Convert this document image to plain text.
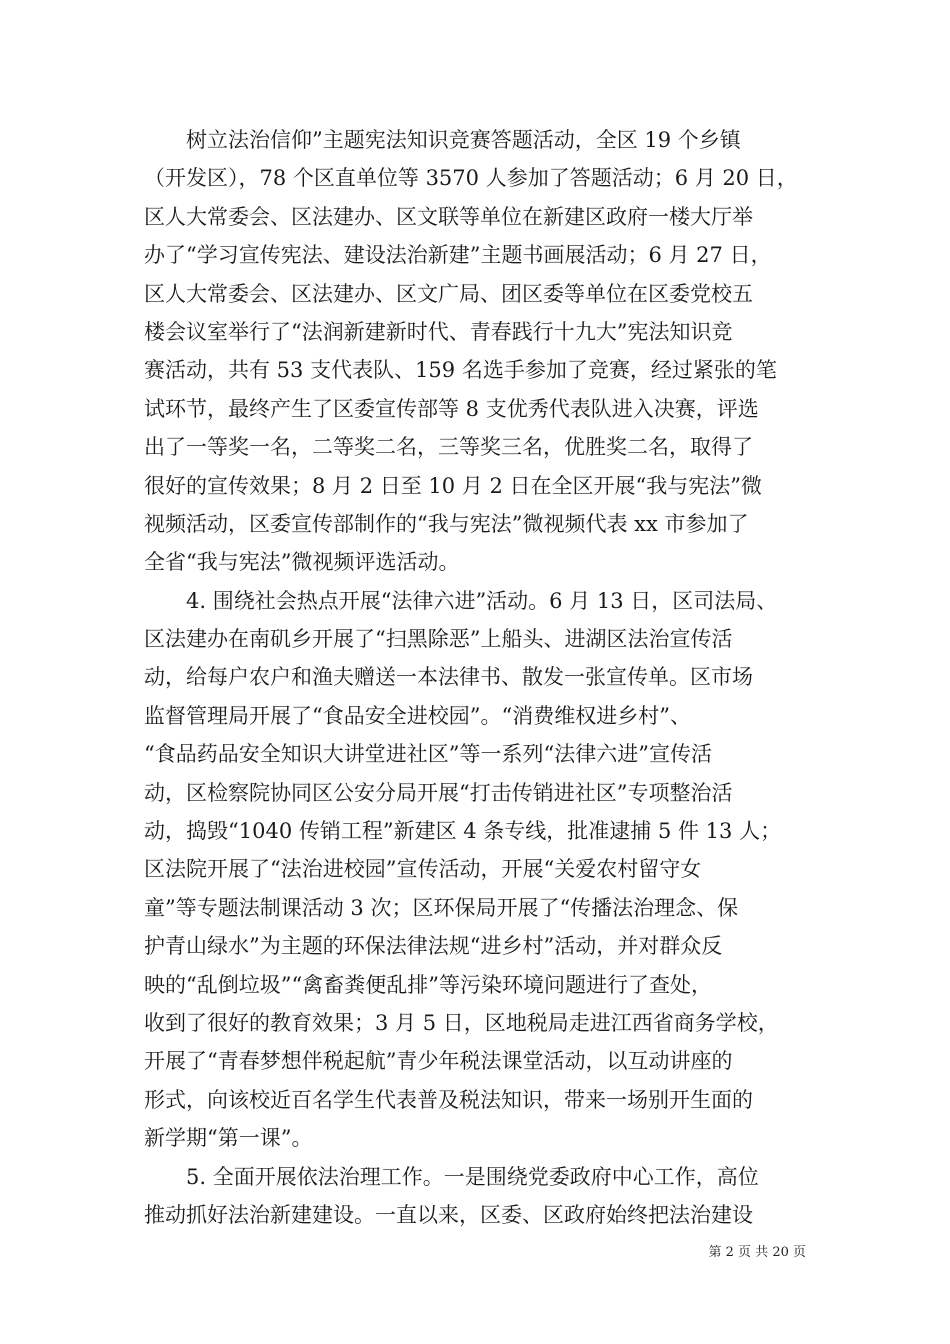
树立法治信仰”主题宪法知识竞赛答题活动，全区 19 个乡镇
（开发区），78 个区直单位等 3570 人参加了答题活动；6 月 20 日，
区人大常委会、区法建办、区文联等单位在新建区政府一楼大厅举
办了“学习宣传宪法、建设法治新建”主题书画展活动；6 月 27 日，
区人大常委会、区法建办、区文广局、团区委等单位在区委党校五
楼会议室举行了“法润新建新时代、青春践行十九大”宪法知识竞
赛活动，共有 53 支代表队、159 名选手参加了竞赛，经过紧张的笔
试环节，最终产生了区委宣传部等 8 支优秀代表队进入决赛，评选
出了一等奖一名，二等奖二名，三等奖三名，优胜奖二名，取得了
很好的宣传效果；8 月 2 日至 10 月 2 日在全区开展“我与宪法”微
视频活动，区委宣传部制作的“我与宪法”微视频代表 xx 市参加了
全省“我与宪法”微视频评选活动。
4. 围绕社会热点开展“法律六进”活动。6 月 13 日，区司法局、
区法建办在南矶乡开展了“扫黑除恶”上船头、进湖区法治宣传活
动，给每户农户和渔夫赠送一本法律书、散发一张宣传单。区市场
监督管理局开展了“食品安全进校园”。“消费维权进乡村”、
“食品药品安全知识大讲堂进社区”等一系列“法律六进”宣传活
动，区检察院协同区公安分局开展“打击传销进社区”专项整治活
动，捣毁“1040 传销工程”新建区 4 条专线，批准逮捕 5 件 13 人；
区法院开展了“法治进校园”宣传活动，开展“关爱农村留守女
童”等专题法制课活动 3 次；区环保局开展了“传播法治理念、保
护青山绿水”为主题的环保法律法规“进乡村”活动，并对群众反
映的“乱倒垃圾”“禽畜粪便乱排”等污染环境问题进行了查处，
收到了很好的教育效果；3 月 5 日，区地税局走进江西省商务学校，
开展了“青春梦想伴税起航”青少年税法课堂活动，以互动讲座的
形式，向该校近百名学生代表普及税法知识，带来一场别开生面的
新学期“第一课”。
5. 全面开展依法治理工作。一是围绕党委政府中心工作，高位
推动抓好法治新建建设。一直以来，区委、区政府始终把法治建设
第 2 页 共 20 页
